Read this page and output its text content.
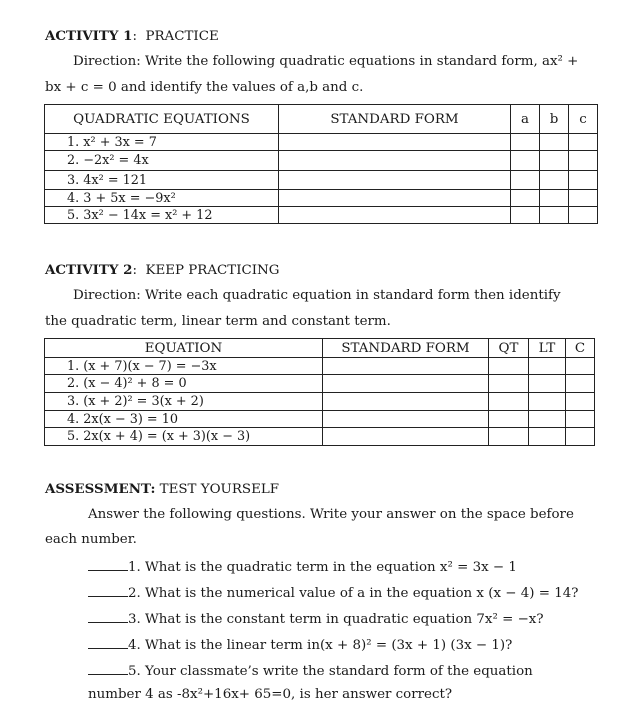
ACTIVITY 1:  PRACTICE
Direction: Write the following quadratic equations in standard form, ax² +
bx + c = 0 and identify the values of a,b and c.
QUADRATIC EQUATIONS	STANDARD FORM	a	b	c
1. x² + 3x = 7				
2. −2x² = 4x				
3. 4x² = 121				
4. 3 + 5x = −9x²				
5. 3x² − 14x = x² + 12				
ACTIVITY 2:  KEEP PRACTICING
Direction: Write each quadratic equation in standard form then identify
the quadratic term, linear term and constant term.
EQUATION	STANDARD FORM	QT	LT	C
1. (x + 7)(x − 7) = −3x				
2. (x − 4)² + 8 = 0				
3. (x + 2)² = 3(x + 2)				
4. 2x(x − 3) = 10				
5. 2x(x + 4) = (x + 3)(x − 3)				
ASSESSMENT: TEST YOURSELF
Answer the following questions. Write your answer on the space before
each number.
1. What is the quadratic term in the equation x² = 3x − 1
2. What is the numerical value of a in the equation x (x − 4) = 14?
3. What is the constant term in quadratic equation 7x² = −x?
4. What is the linear term in(x + 8)² = (3x + 1) (3x − 1)?
5. Your classmate’s write the standard form of the equation
number 4 as -8x²+16x+ 65=0, is her answer correct?
